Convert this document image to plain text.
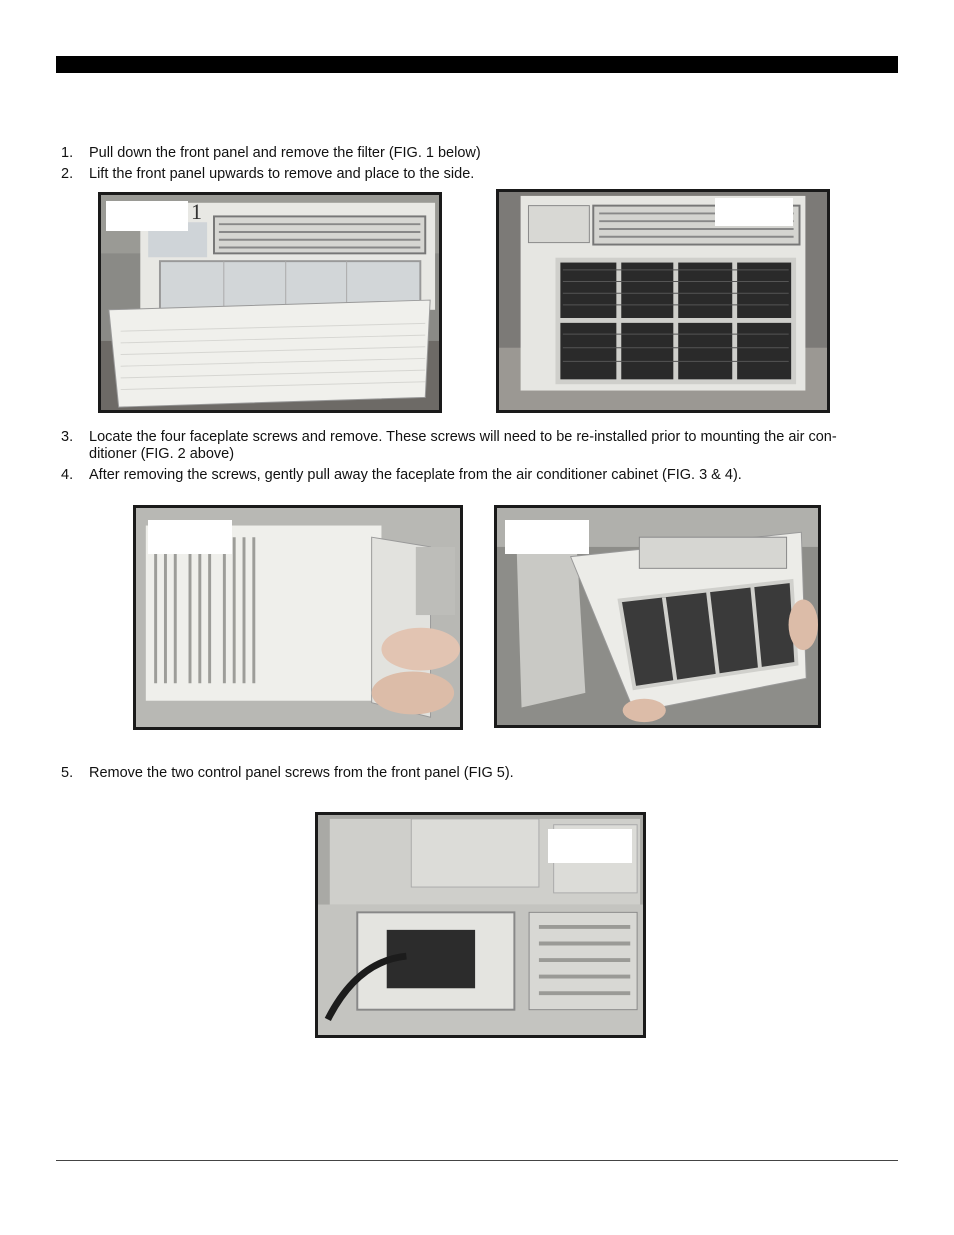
1. Pull down the front panel and remove the filter (FIG. 1 below)
2. Lift the front panel upwards to remove and place to the side.
1
3. Locate the four faceplate screws and remove. These screws will need to be re-installed prior to mounting the air con-
ditioner (FIG. 2 above)
4. After removing the screws, gently pull away the faceplate from the air conditioner cabinet (FIG. 3 & 4).
5. Remove the two control panel screws from the front panel (FIG 5).
